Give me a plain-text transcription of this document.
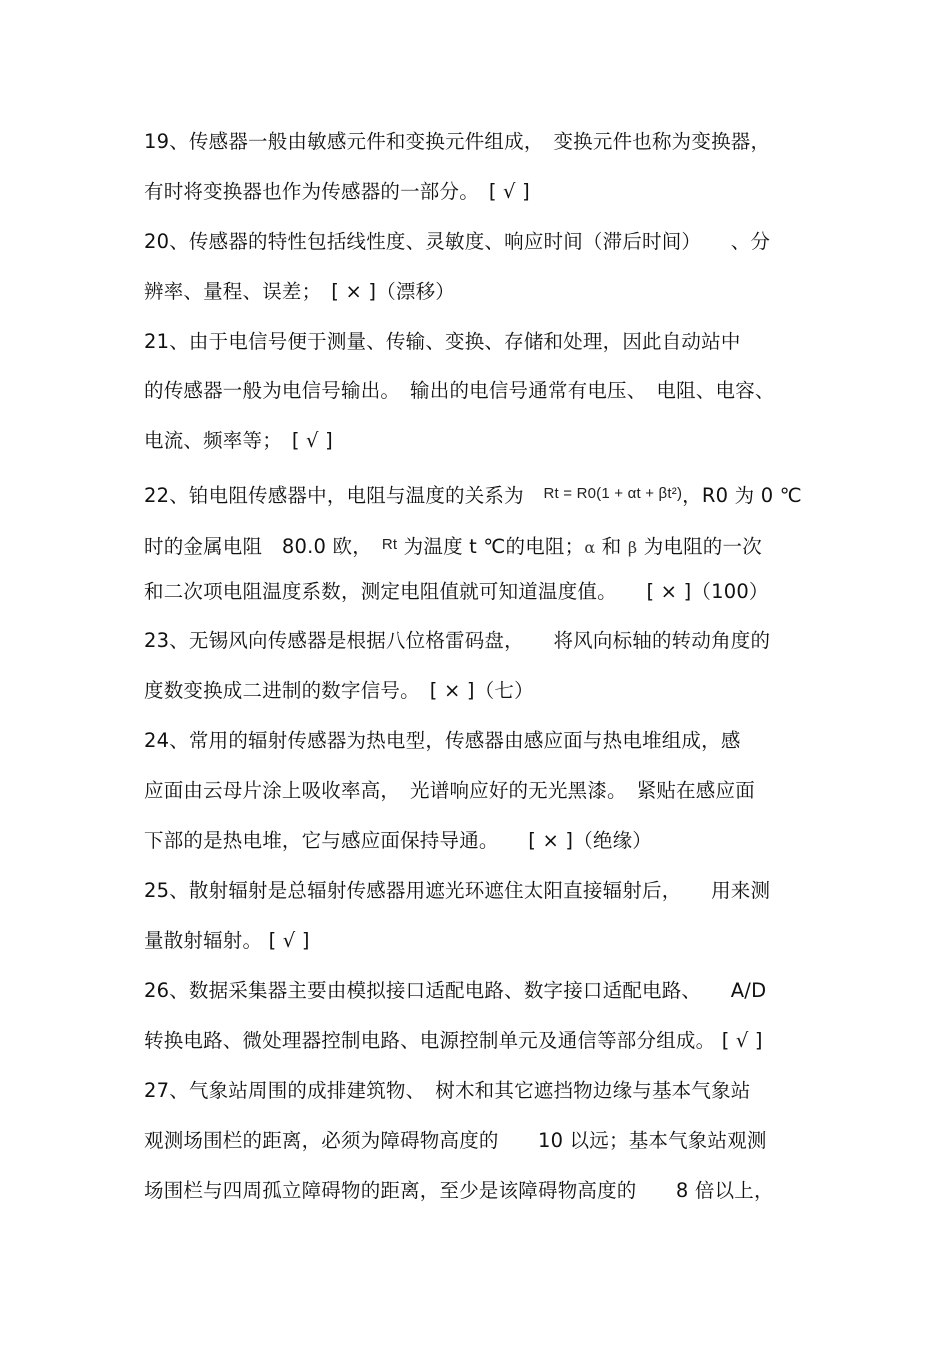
19、传感器一般由敏感元件和变换元件组成，　变换元件也称为变换器，
有时将变换器也作为传感器的一部分。　[ √ ]
20、传感器的特性包括线性度、灵敏度、响应时间（滞后时间）　　、分
辨率、量程、误差；　[ × ]（漂移）
21、由于电信号便于测量、传输、变换、存储和处理，因此自动站中
的传感器一般为电信号输出。　输出的电信号通常有电压、　电阻、电容、
电流、频率等；　[ √ ]
22、铂电阻传感器中，电阻与温度的关系为　Rt = R0(1 + αt + βt²)，R0 为 0 ℃
时的金属电阻　80.0 欧，　Rt 为温度 t ℃的电阻；α 和 β 为电阻的一次
和二次项电阻温度系数，测定电阻值就可知道温度值。　　[ × ]（100）
23、无锡风向传感器是根据八位格雷码盘，　　将风向标轴的转动角度的
度数变换成二进制的数字信号。　[ × ]（七）
24、常用的辐射传感器为热电型，传感器由感应面与热电堆组成，感
应面由云母片涂上吸收率高，　光谱响应好的无光黑漆。　紧贴在感应面
下部的是热电堆，它与感应面保持导通。　　[ × ]（绝缘）
25、散射辐射是总辐射传感器用遮光环遮住太阳直接辐射后，　　用来测
量散射辐射。 [ √ ]
26、数据采集器主要由模拟接口适配电路、数字接口适配电路、　　A/D
转换电路、微处理器控制电路、电源控制单元及通信等部分组成。 [ √ ]
27、气象站周围的成排建筑物、　树木和其它遮挡物边缘与基本气象站
观测场围栏的距离，必须为障碍物高度的　　10 以远；基本气象站观测
场围栏与四周孤立障碍物的距离，至少是该障碍物高度的　　8 倍以上，
